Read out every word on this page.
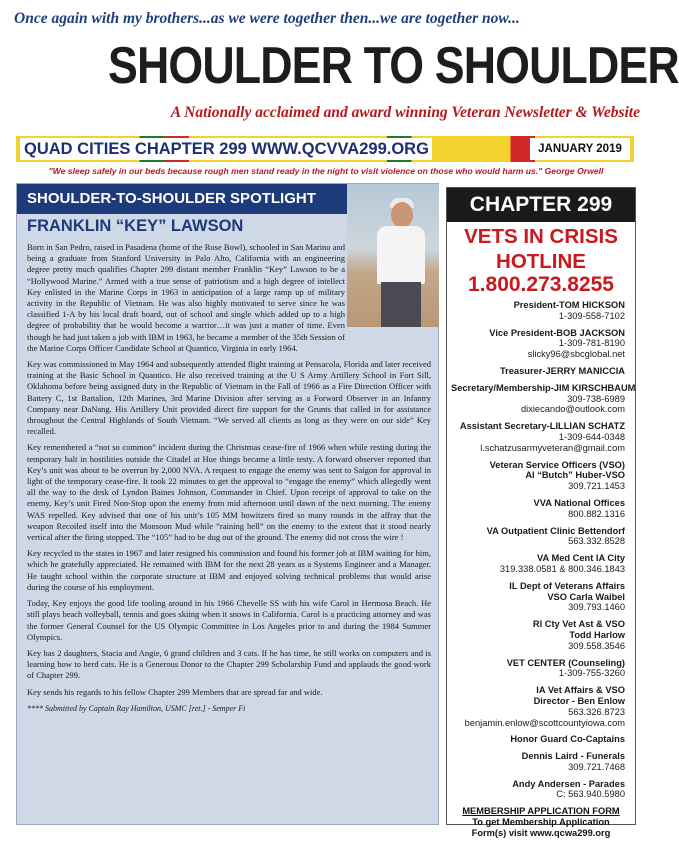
Once again with my brothers...as we were together then...we are together now...
SHOULDER TO SHOULDER
A Nationally acclaimed and award winning Veteran Newsletter & Website
QUAD CITIES CHAPTER 299 WWW.QCVVA299.ORG	JANUARY 2019
"We sleep safely in our beds because rough men stand ready in the night to visit violence on those who would harm us." George Orwell
SHOULDER-TO-SHOULDER SPOTLIGHT
FRANKLIN “KEY” LAWSON

Born in San Pedro, raised in Pasadena (home of the Rose Bowl), schooled in San Marino and being a graduate from Stanford University in Palo Alto, California with an engineering degree pretty much qualifies Chapter 299 distant member Franklin “Key” Lawson to be a “Hollywood Marine.” Armed with a true sense of patriotism and a high degree of intellect Key enlisted in the Marine Corps in 1963 in anticipation of a large ramp up of military activity in the Republic of Vietnam. He was also highly motivated to serve since he was classified 1-A by his local draft board, out of school and single which added up to a high degree of probability that he would become a warrior…it was just a matter of time. Even though he had just taken a job with IBM in 1963, he became a member of the 35th Session of the Marine Corps Officer Candidate School at Quantico, Virginia in early 1964.

Key was commissioned in May 1964 and subsequently attended flight training at Pensacola, Florida and later received training at the Basic School in Quantico. He also received training at the U S Army Artillery School in Fort Sill, Oklahoma before being assigned duty in the Republic of Vietnam in the Fall of 1966 as a Fire Direction Officer with Battery C, 1st Battalion, 12th Marines, 3rd Marine Division after serving as a Forward Observer in an Infantry Company near DaNang. His Artillery Unit provided direct fire support for the Grunts that called in for assistance throughout the Central Highlands of South Vietnam. “We served all clients as long as they were on our side” Key recalled.

Key remembered a “not so common” incident during the Christmas cease-fire of 1966 when while resting during the temporary halt in hostilities outside the Citadel at Hue things became a little testy. A forward observer reported that Key’s unit was about to be overrun by 2,000 NVA. A request to engage the enemy was sent to Saigon for approval in light of the temporary cease-fire. It took 22 minutes to get the approval to “engage the enemy” which allegedly went all the way to the desk of Lyndon Baines Johnson, Commander in Chief. Upon receipt of approval to take on the enemy, Key’s unit Fired Non-Stop upon the enemy from mid afternoon until dawn of the next morning. The enemy WAS repelled. Key advised that one of his unit’s 105 MM howitzers fired so many rounds in the affray that the weapon Recoiled itself into the Monsoon Mud while “raining hell” on the enemy to the extent that it stood nearly vertical after the firing stopped. The “105” had to be dug out of the ground. The enemy did not cross the wire !

Key recycled to the states in 1967 and later resigned his commission and found his former job at IBM waiting for him, which he gratefully appreciated. He remained with IBM for the next 28 years as a Systems Engineer and a Manager. He taught school within the corporate structure at IBM and enjoyed solving technical problems that would arise during the course of his employment.

Today, Key enjoys the good life tooling around in his 1966 Chevelle SS with his wife Carol in Hermosa Beach. He still plays beach volleyball, tennis and goes skiing when it snows in California. Carol is a practicing attorney and was the former General Counsel for the US Olympic Committee in Los Angeles prior to and during the 1984 Summer Olympics.

Key has 2 daughters, Stacia and Angie, 6 grand children and 3 cats. If he has time, he still works on computers and is learning how to herd cats. He is a Generous Donor to the Chapter 299 Scholarship Fund and applauds the good work of Chapter 299.

Key sends his regards to his fellow Chapter 299 Members that are spread far and wide.

**** Submitted by Captain Ray Hamilton, USMC [ret.] - Semper Fi

CHAPTER 299
VETS IN CRISIS
HOTLINE
1.800.273.8255
President-TOM HICKSON
1-309-558-7102
Vice President-BOB JACKSON
1-309-781-8190
slicky96@sbcglobal.net
Treasurer-JERRY MANICCIA
Secretary/Membership-JIM KIRSCHBAUM
309-738-6989
dixiecando@outlook.com
Assistant Secretary-LILLIAN SCHATZ
1-309-644-0348
l.schatzusarmyveteran@gmail.com
Veteran Service Officers (VSO)
Al “Butch” Huber-VSO
309.721.1453
VVA National Offices
800.882.1316
VA Outpatient Clinic Bettendorf
563.332.8528
VA Med Cent IA City
319.338.0581 & 800.346.1843
IL Dept of Veterans Affairs
VSO Carla Waibel
309.793.1460
RI Cty Vet Ast & VSO
Todd Harlow
309.558.3546
VET CENTER (Counseling)
1-309-755-3260
IA Vet Affairs & VSO
Director - Ben Enlow
563.326.8723
benjamin.enlow@scottcountyiowa.com
Honor Guard Co-Captains
Dennis Laird - Funerals
309.721.7468
Andy Andersen - Parades
C: 563.940.5980
MEMBERSHIP APPLICATION FORM
To get Membership Application
Form(s) visit www.qcwa299.org
